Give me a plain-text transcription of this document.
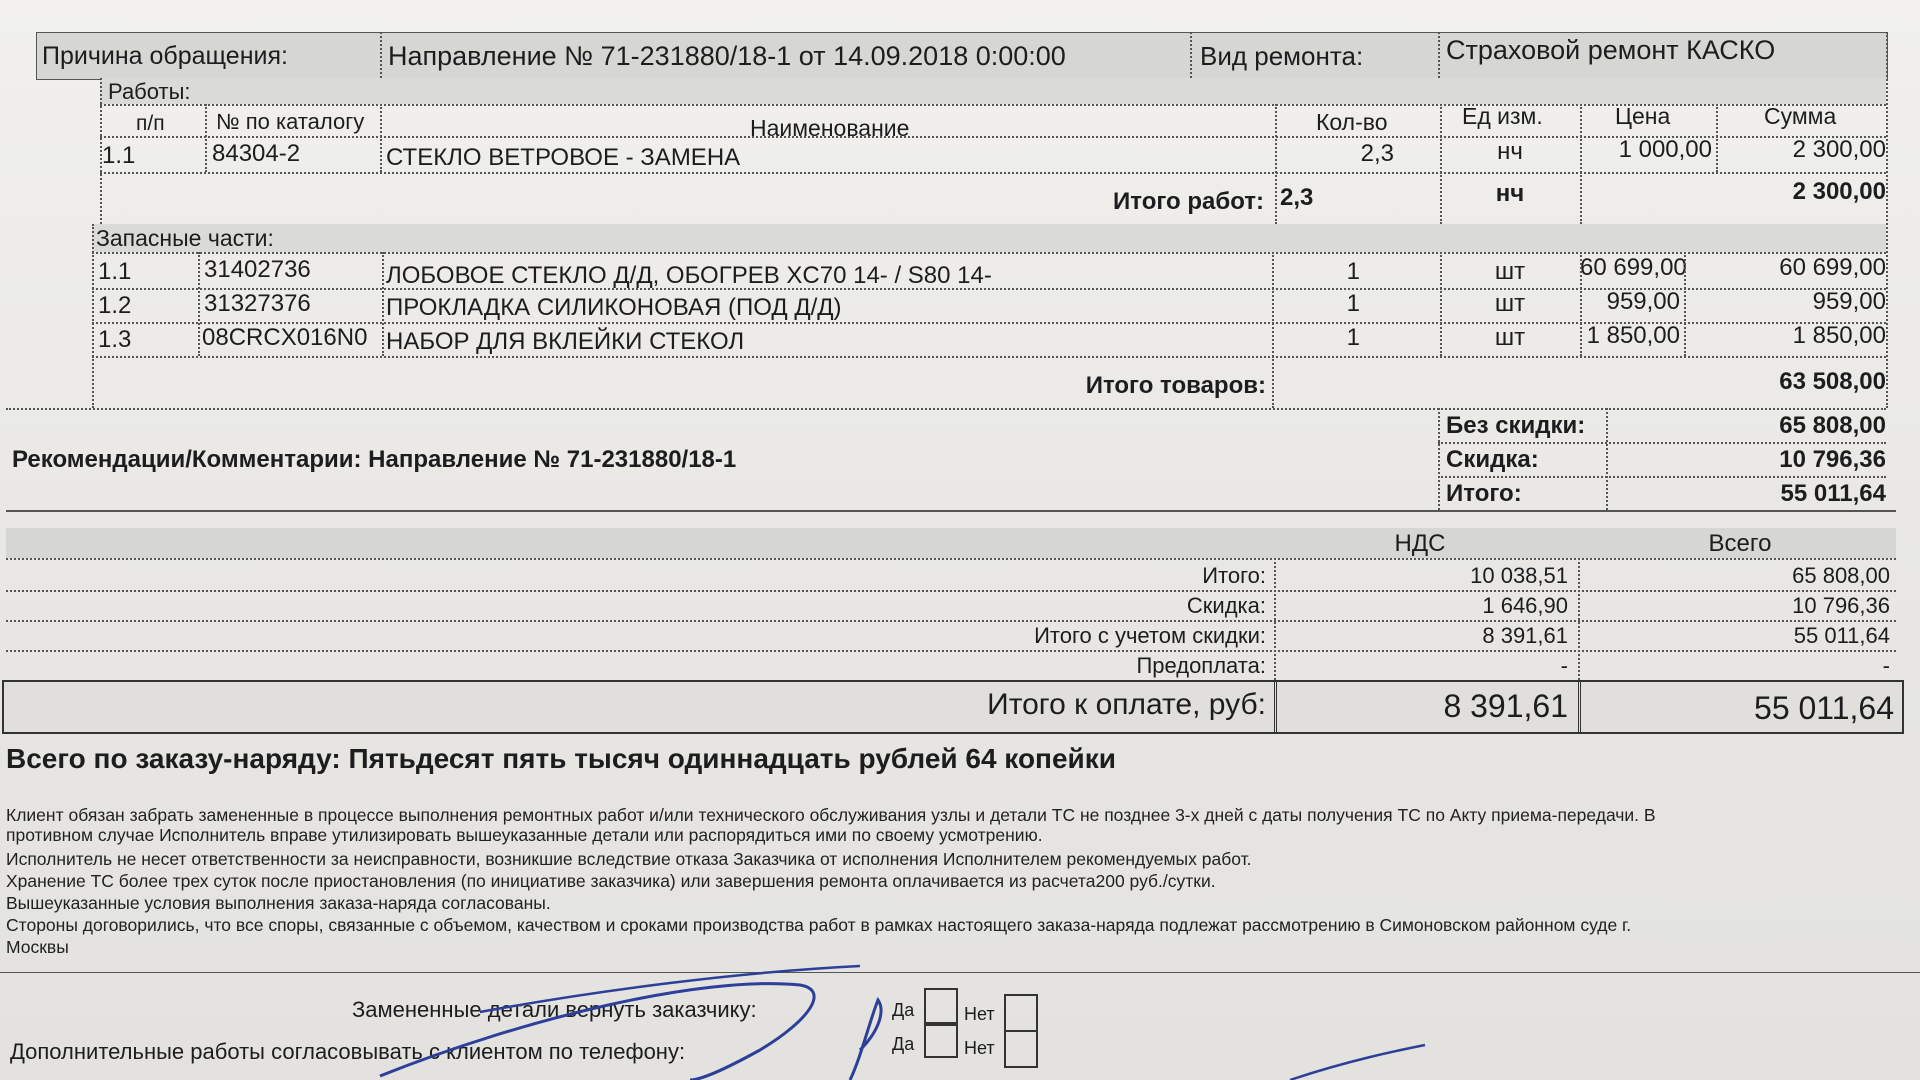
Причина обращения:	Направление № 71-231880/18-1 от 14.09.2018 0:00:00	Вид ремонта:	Страховой ремонт КАСКО
Работы:
п/п № по каталогу	Наименование	Кол-во	Ед изм.	Цена	Сумма
1.1	84304-2	СТЕКЛО ВЕТРОВОЕ - ЗАМЕНА	2,3	нч	1 000,00	2 300,00
Итого работ: 2,3	нч	2 300,00
Запасные части:
1.1	31402736	ЛОБОВОЕ СТЕКЛО Д/Д, ОБОГРЕВ XC70 14- / S80 14-	1	шт	60 699,00	60 699,00
1.2	31327376	ПРОКЛАДКА СИЛИКОНОВАЯ (ПОД Д/Д)	1	шт	959,00	959,00
1.3	08CRCX016N0 НАБОР ДЛЯ ВКЛЕЙКИ СТЕКОЛ	1	шт	1 850,00	1 850,00
Итого товаров:	63 508,00
Рекомендации/Комментарии: Направление № 71-231880/18-1
Без скидки:	65 808,00
Скидка:	10 796,36
Итого:	55 011,64
НДС	Всего
Итого:	10 038,51	65 808,00
Скидка:	1 646,90	10 796,36
Итого с учетом скидки:	8 391,61	55 011,64
Предоплата:	-	-
Итого к оплате, руб:	8 391,61	55 011,64
Всего по заказу-наряду: Пятьдесят пять тысяч одиннадцать рублей 64 копейки
Клиент обязан забрать замененные в процессе выполнения ремонтных работ и/или технического обслуживания узлы и детали ТС не позднее 3-х дней с даты получения ТС по Акту приема-передачи. В
противном случае Исполнитель вправе утилизировать вышеуказанные детали или распорядиться ими по своему усмотрению.
Исполнитель не несет ответственности за неисправности, возникшие вследствие отказа Заказчика от исполнения Исполнителем рекомендуемых работ.
Хранение ТС более трех суток после приостановления (по инициативе заказчика) или завершения ремонта оплачивается из расчета200 руб./сутки.
Вышеуказанные условия выполнения заказа-наряда согласованы.
Стороны договорились, что все споры, связанные с объемом, качеством и сроками производства работ в рамках настоящего заказа-наряда подлежат рассмотрению в Симоновском районном суде г.
Москвы
Замененные детали вернуть заказчику:
Дополнительные работы согласовывать с клиентом по телефону:
Да	Нет
Да	Нет
